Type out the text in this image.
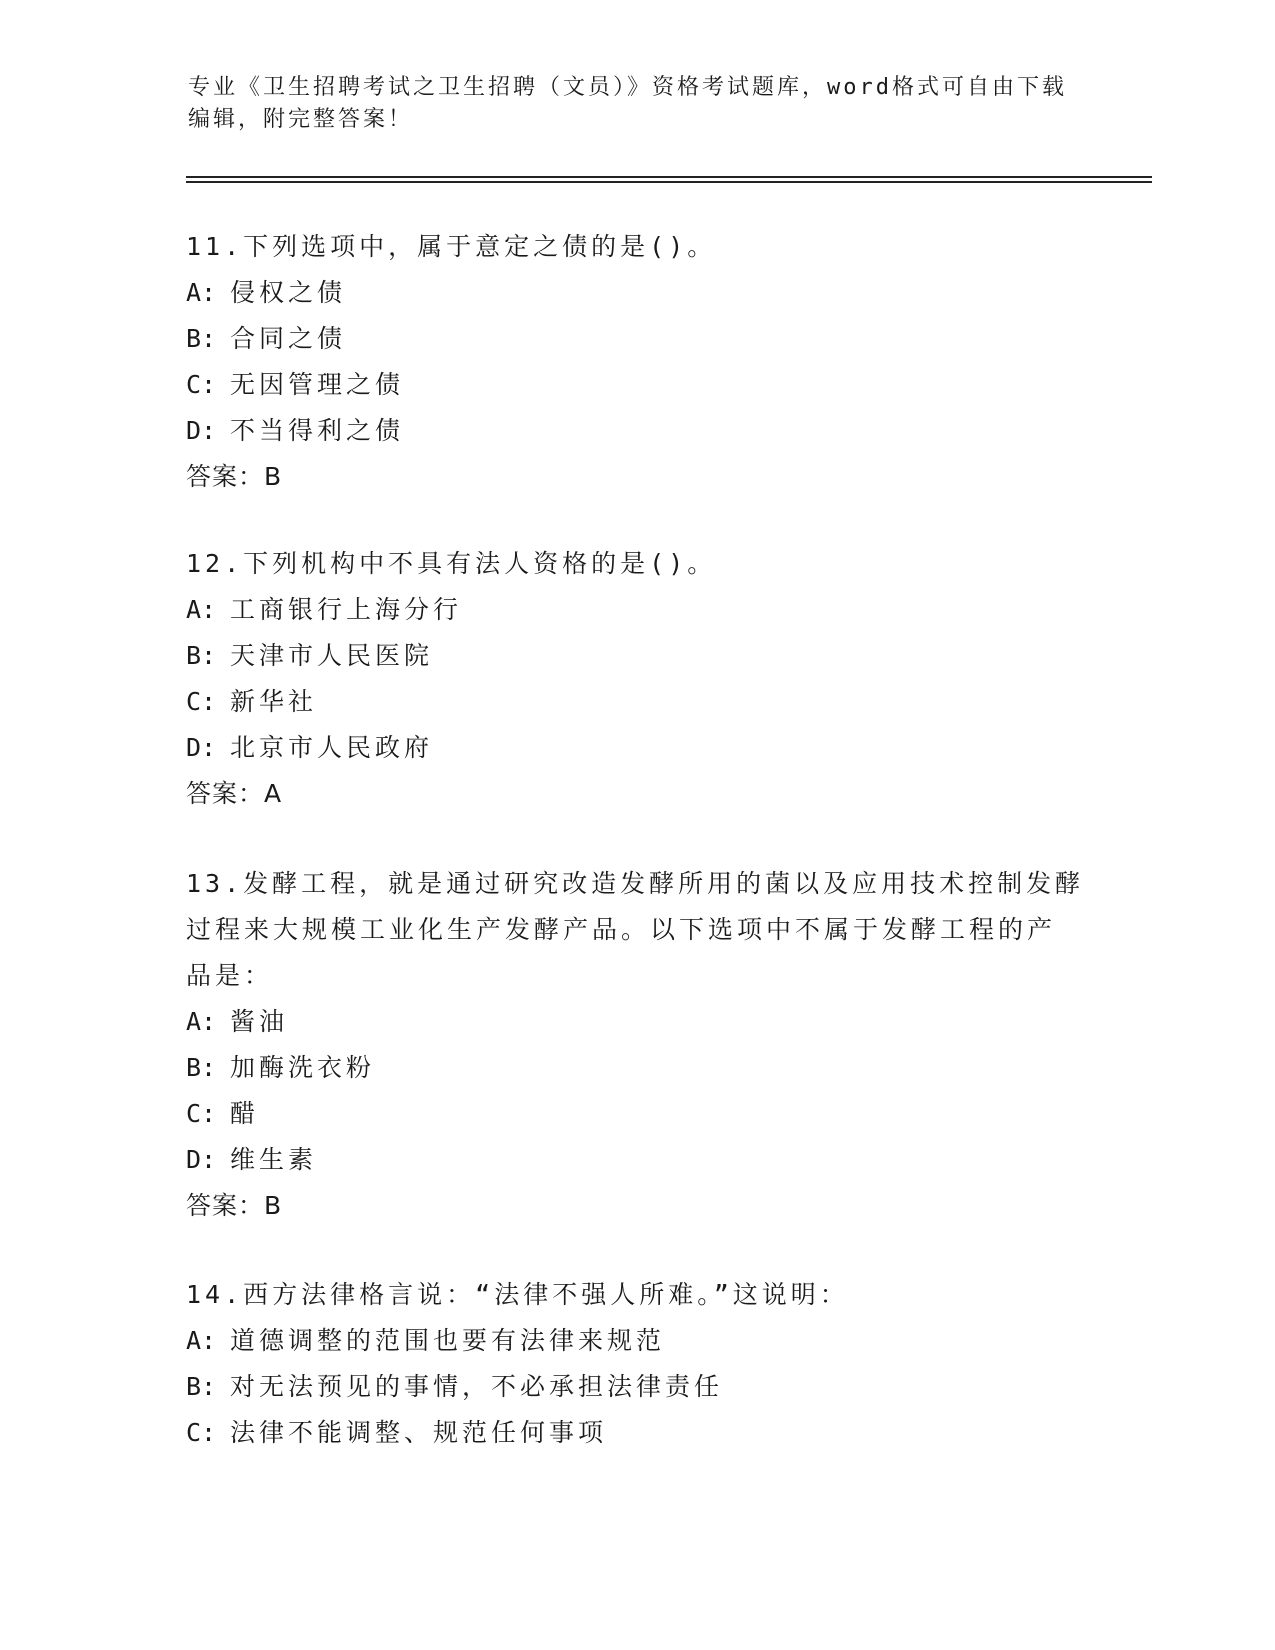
专业《卫生招聘考试之卫生招聘（文员）》资格考试题库，word格式可自由下载
编辑，附完整答案！
11.下列选项中，属于意定之债的是()。
A: 侵权之债
B: 合同之债
C: 无因管理之债
D: 不当得利之债
答案：B
12.下列机构中不具有法人资格的是()。
A: 工商银行上海分行
B: 天津市人民医院
C: 新华社
D: 北京市人民政府
答案：A
13.发酵工程，就是通过研究改造发酵所用的菌以及应用技术控制发酵
过程来大规模工业化生产发酵产品。以下选项中不属于发酵工程的产
品是：
A: 酱油
B: 加酶洗衣粉
C: 醋
D: 维生素
答案：B
14.西方法律格言说：“法律不强人所难。”这说明：
A: 道德调整的范围也要有法律来规范
B: 对无法预见的事情，不必承担法律责任
C: 法律不能调整、规范任何事项
